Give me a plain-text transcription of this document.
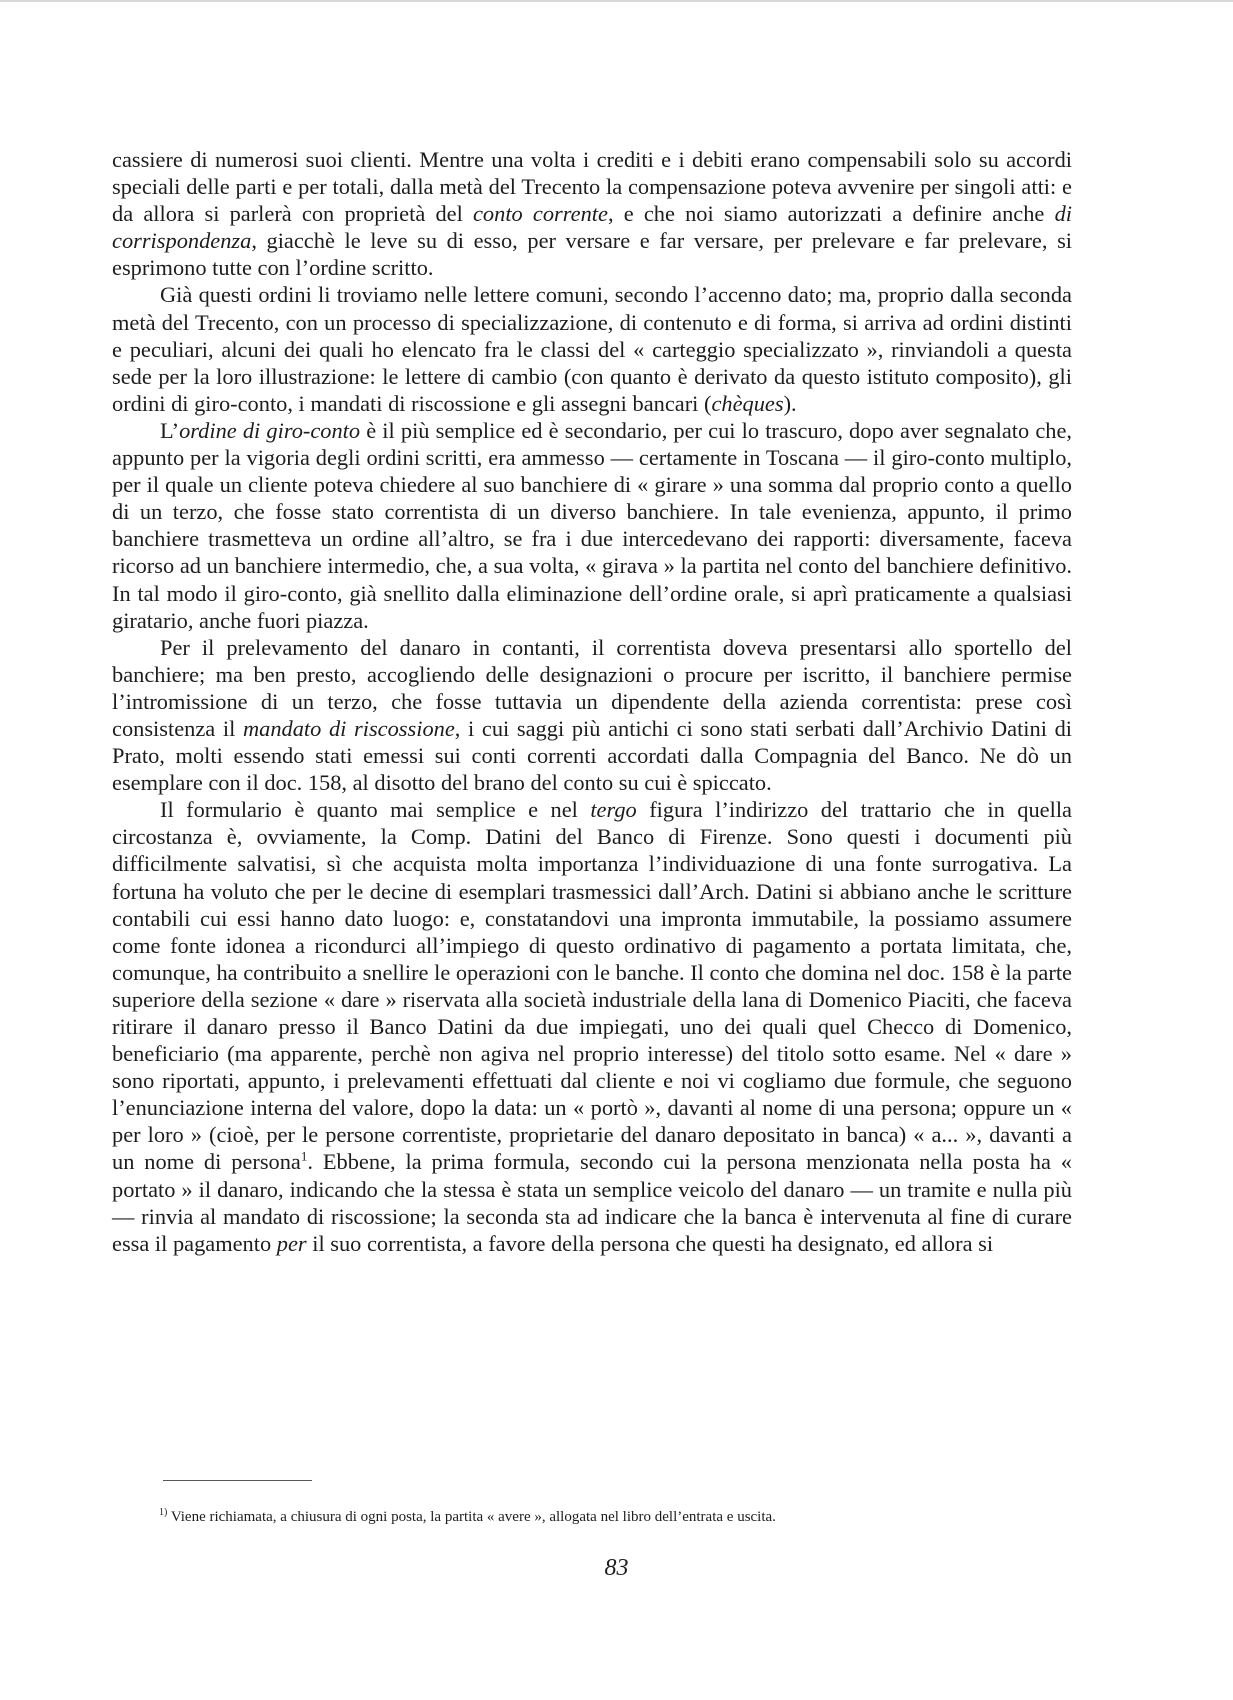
cassiere di numerosi suoi clienti. Mentre una volta i crediti e i debiti erano compensabili solo su accordi speciali delle parti e per totali, dalla metà del Trecento la compensazione poteva avvenire per singoli atti: e da allora si parlerà con proprietà del conto corrente, e che noi siamo autorizzati a definire anche di corrispondenza, giacchè le leve su di esso, per versare e far versare, per prelevare e far prelevare, si esprimono tutte con l’ordine scritto.

Già questi ordini li troviamo nelle lettere comuni, secondo l’accenno dato; ma, proprio dalla seconda metà del Trecento, con un processo di specializzazione, di contenuto e di forma, si arriva ad ordini distinti e peculiari, alcuni dei quali ho elencato fra le classi del « carteggio specializzato », rinviandoli a questa sede per la loro illustrazione: le lettere di cambio (con quanto è derivato da questo istituto composito), gli ordini di giro-conto, i mandati di riscossione e gli assegni bancari (chèques).

L’ordine di giro-conto è il più semplice ed è secondario, per cui lo trascuro, dopo aver segnalato che, appunto per la vigoria degli ordini scritti, era ammesso — certamente in Toscana — il giro-conto multiplo, per il quale un cliente poteva chiedere al suo banchiere di « girare » una somma dal proprio conto a quello di un terzo, che fosse stato correntista di un diverso banchiere. In tale evenienza, appunto, il primo banchiere trasmetteva un ordine all’altro, se fra i due intercedevano dei rapporti: diversamente, faceva ricorso ad un banchiere intermedio, che, a sua volta, « girava » la partita nel conto del banchiere definitivo. In tal modo il giro-conto, già snellito dalla eliminazione dell’ordine orale, si aprì praticamente a qualsiasi giratario, anche fuori piazza.

Per il prelevamento del danaro in contanti, il correntista doveva presentarsi allo sportello del banchiere; ma ben presto, accogliendo delle designazioni o procure per iscritto, il banchiere permise l’intromissione di un terzo, che fosse tuttavia un dipendente della azienda correntista: prese così consistenza il mandato di riscossione, i cui saggi più antichi ci sono stati serbati dall’Archivio Datini di Prato, molti essendo stati emessi sui conti correnti accordati dalla Compagnia del Banco. Ne dò un esemplare con il doc. 158, al disotto del brano del conto su cui è spiccato.

Il formulario è quanto mai semplice e nel tergo figura l’indirizzo del trattario che in quella circostanza è, ovviamente, la Comp. Datini del Banco di Firenze. Sono questi i documenti più difficilmente salvatisi, sì che acquista molta importanza l’individuazione di una fonte surrogativa. La fortuna ha voluto che per le decine di esemplari trasmessici dall’Arch. Datini si abbiano anche le scritture contabili cui essi hanno dato luogo: e, constatandovi una impronta immutabile, la possiamo assumere come fonte idonea a ricondurci all’impiego di questo ordinativo di pagamento a portata limitata, che, comunque, ha contribuito a snellire le operazioni con le banche. Il conto che domina nel doc. 158 è la parte superiore della sezione « dare » riservata alla società industriale della lana di Domenico Piaciti, che faceva ritirare il danaro presso il Banco Datini da due impiegati, uno dei quali quel Checco di Domenico, beneficiario (ma apparente, perchè non agiva nel proprio interesse) del titolo sotto esame. Nel « dare » sono riportati, appunto, i prelevamenti effettuati dal cliente e noi vi cogliamo due formule, che seguono l’enunciazione interna del valore, dopo la data: un « portò », davanti al nome di una persona; oppure un « per loro » (cioè, per le persone correntiste, proprietarie del danaro depositato in banca) « a... », davanti a un nome di persona$^1$. Ebbene, la prima formula, secondo cui la persona menzionata nella posta ha « portato » il danaro, indicando che la stessa è stata un semplice veicolo del danaro — un tramite e nulla più — rinvia al mandato di riscossione; la seconda sta ad indicare che la banca è intervenuta al fine di curare essa il pagamento per il suo correntista, a favore della persona che questi ha designato, ed allora si

$^{1)}$ Viene richiamata, a chiusura di ogni posta, la partita « avere », allogata nel libro dell’entrata e uscita.
83
